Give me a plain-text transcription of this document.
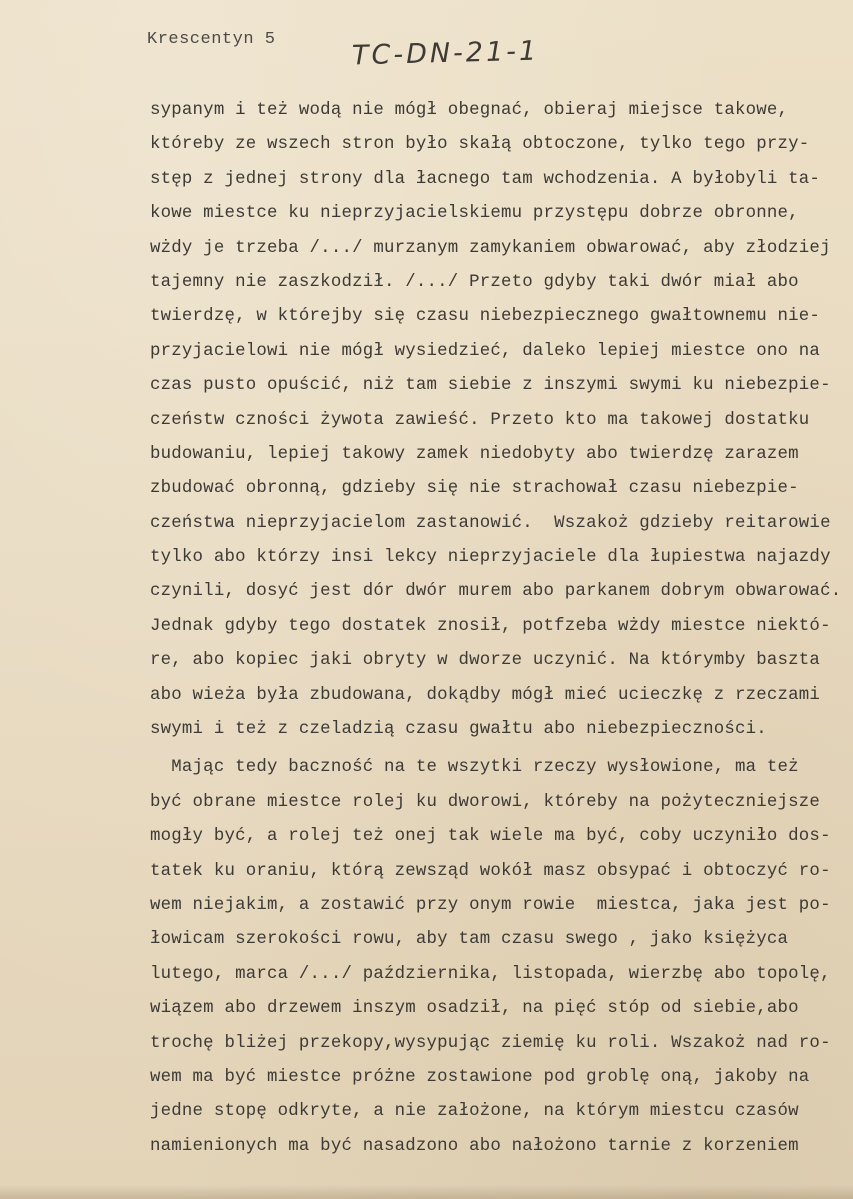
Krescentyn 5	TC-DN-21-1
sypanym i też wodą nie mógł obegnać, obieraj miejsce takowe,
któreby ze wszech stron było skałą obtoczone, tylko tego przy-
stęp z jednej strony dla łacnego tam wchodzenia. A byłobyli ta-
kowe miestce ku nieprzyjacielskiemu przystępu dobrze obronne,
wżdy je trzeba /.../ murzanym zamykaniem obwarować, aby złodziej
tajemny nie zaszkodził. /.../ Przeto gdyby taki dwór miał abo
twierdzę, w którejby się czasu niebezpiecznego gwałtownemu nie-
przyjacielowi nie mógł wysiedzieć, daleko lepiej miestce ono na
czas pusto opuścić, niż tam siebie z inszymi swymi ku niebezpie-
czeństw czności żywota zawieść. Przeto kto ma takowej dostatku
budowaniu, lepiej takowy zamek niedobyty abo twierdzę zarazem
zbudować obronną, gdzieby się nie strachował czasu niebezpie-
czeństwa nieprzyjacielom zastanowić.  Wszakoż gdzieby reitarowie
tylko abo którzy insi lekcy nieprzyjaciele dla łupiestwa najazdy
czynili, dosyć jest dór dwór murem abo parkanem dobrym obwarować.
Jednak gdyby tego dostatek znosił, potfzeba wżdy miestce niektó-
re, abo kopiec jaki obryty w dworze uczynić. Na którymby baszta
abo wieża była zbudowana, dokądby mógł mieć ucieczkę z rzeczami
swymi i też z czeladzią czasu gwałtu abo niebezpieczności.
Mając tedy baczność na te wszytki rzeczy wysłowione, ma też
być obrane miestce rolej ku dworowi, któreby na pożyteczniejsze
mogły być, a rolej też onej tak wiele ma być, coby uczyniło dos-
tatek ku oraniu, którą zewsząd wokół masz obsypać i obtoczyć ro-
wem niejakim, a zostawić przy onym rowie  miestca, jaka jest po-
łowicam szerokości rowu, aby tam czasu swego , jako księżyca
lutego, marca /.../ października, listopada, wierzbę abo topolę,
wiązem abo drzewem inszym osadził, na pięć stóp od siebie,abo
trochę bliżej przekopy,wysypując ziemię ku roli. Wszakoż nad ro-
wem ma być miestce próżne zostawione pod groblę oną, jakoby na
jedne stopę odkryte, a nie założone, na którym miestcu czasów
namienionych ma być nasadzono abo nałożono tarnie z korzeniem
